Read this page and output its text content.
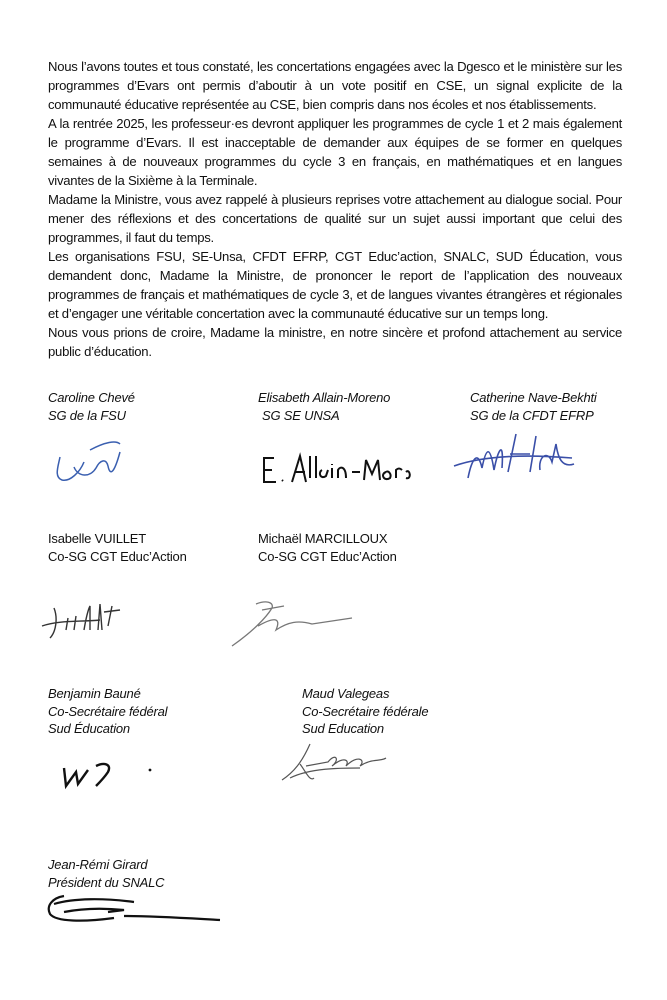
Nous l’avons toutes et tous constaté, les concertations engagées avec la Dgesco et le ministère sur les programmes d’Evars ont permis d’aboutir à un vote positif en CSE, un signal explicite de la communauté éducative représentée au CSE, bien compris dans nos écoles et nos établissements.

A la rentrée 2025, les professeur·es devront appliquer les programmes de cycle 1 et 2 mais également le programme d’Evars. Il est inacceptable de demander aux équipes de se former en quelques semaines à de nouveaux programmes du cycle 3 en français, en mathématiques et en langues vivantes de la Sixième à la Terminale.

Madame la Ministre, vous avez rappelé à plusieurs reprises votre attachement au dialogue social. Pour mener des réflexions et des concertations de qualité sur un sujet aussi important que celui des programmes, il faut du temps.

Les organisations FSU, SE-Unsa, CFDT EFRP, CGT Educ’action, SNALC, SUD Éducation, vous demandent donc, Madame la Ministre, de prononcer le report de l’application des nouveaux programmes de français et mathématiques de cycle 3, et de langues vivantes étrangères et régionales et d’engager une véritable concertation avec la communauté éducative sur un temps long.

Nous vous prions de croire, Madame la ministre, en notre sincère et profond attachement au service public d’éducation.

Caroline Chevé
SG de la FSU
Elisabeth Allain-Moreno
SG SE UNSA
Catherine Nave-Bekhti
SG de la CFDT EFRP
Isabelle VUILLET
Co-SG CGT Educ’Action
Michaël MARCILLOUX
Co-SG CGT Educ’Action
Benjamin Bauné
Co-Secrétaire fédéral
Sud Éducation
Maud Valegeas
Co-Secrétaire fédérale
Sud Education
Jean-Rémi Girard
Président du SNALC
